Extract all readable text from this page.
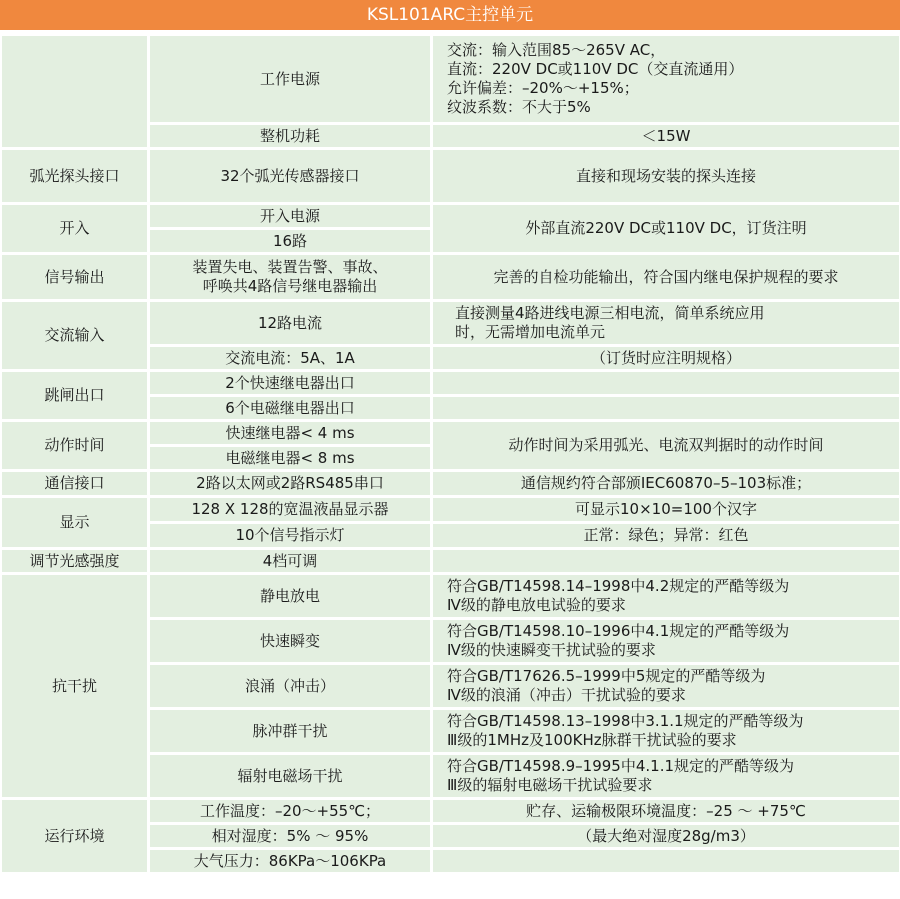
KSL101ARC主控单元
	工作电源	交流：输入范围85～265V AC，
直流：220V DC或110V DC（交直流通用）
允许偏差：–20%～+15%；
纹波系数：不大于5%

	整机功耗	＜15W
弧光探头接口	32个弧光传感器接口	直接和现场安装的探头连接
开入	开入电源	外部直流220V DC或110V DC，订货注明
	16路	
信号输出	装置失电、装置告警、事故、
呼唤共4路信号继电器输出	完善的自检功能输出，符合国内继电保护规程的要求
交流输入	12路电流	直接测量4路进线电源三相电流，简单系统应用
时，无需增加电流单元

	交流电流：5A、1A	（订货时应注明规格）
跳闸出口	2个快速继电器出口	
	6个电磁继电器出口	
动作时间	快速继电器< 4 ms	动作时间为采用弧光、电流双判据时的动作时间
	电磁继电器< 8 ms	
通信接口	2路以太网或2路RS485串口	通信规约符合部颁IEC60870–5–103标准；
显示	128 X 128的宽温液晶显示器	可显示10×10=100个汉字
	10个信号指示灯	正常：绿色；异常：红色
调节光感强度	4档可调	
抗干扰	静电放电	符合GB/T14598.14–1998中4.2规定的严酷等级为
Ⅳ级的静电放电试验的要求

	快速瞬变	符合GB/T14598.10–1996中4.1规定的严酷等级为
Ⅳ级的快速瞬变干扰试验的要求

	浪涌（冲击）	符合GB/T17626.5–1999中5规定的严酷等级为
Ⅳ级的浪涌（冲击）干扰试验的要求

	脉冲群干扰	符合GB/T14598.13–1998中3.1.1规定的严酷等级为
Ⅲ级的1MHz及100KHz脉群干扰试验的要求

	辐射电磁场干扰	符合GB/T14598.9–1995中4.1.1规定的严酷等级为
Ⅲ级的辐射电磁场干扰试验要求

运行环境	工作温度：–20～+55℃；	贮存、运输极限环境温度：–25 ～ +75℃
	相对湿度：5% ～ 95%	（最大绝对湿度28g/m3）
	大气压力：86KPa～106KPa	
